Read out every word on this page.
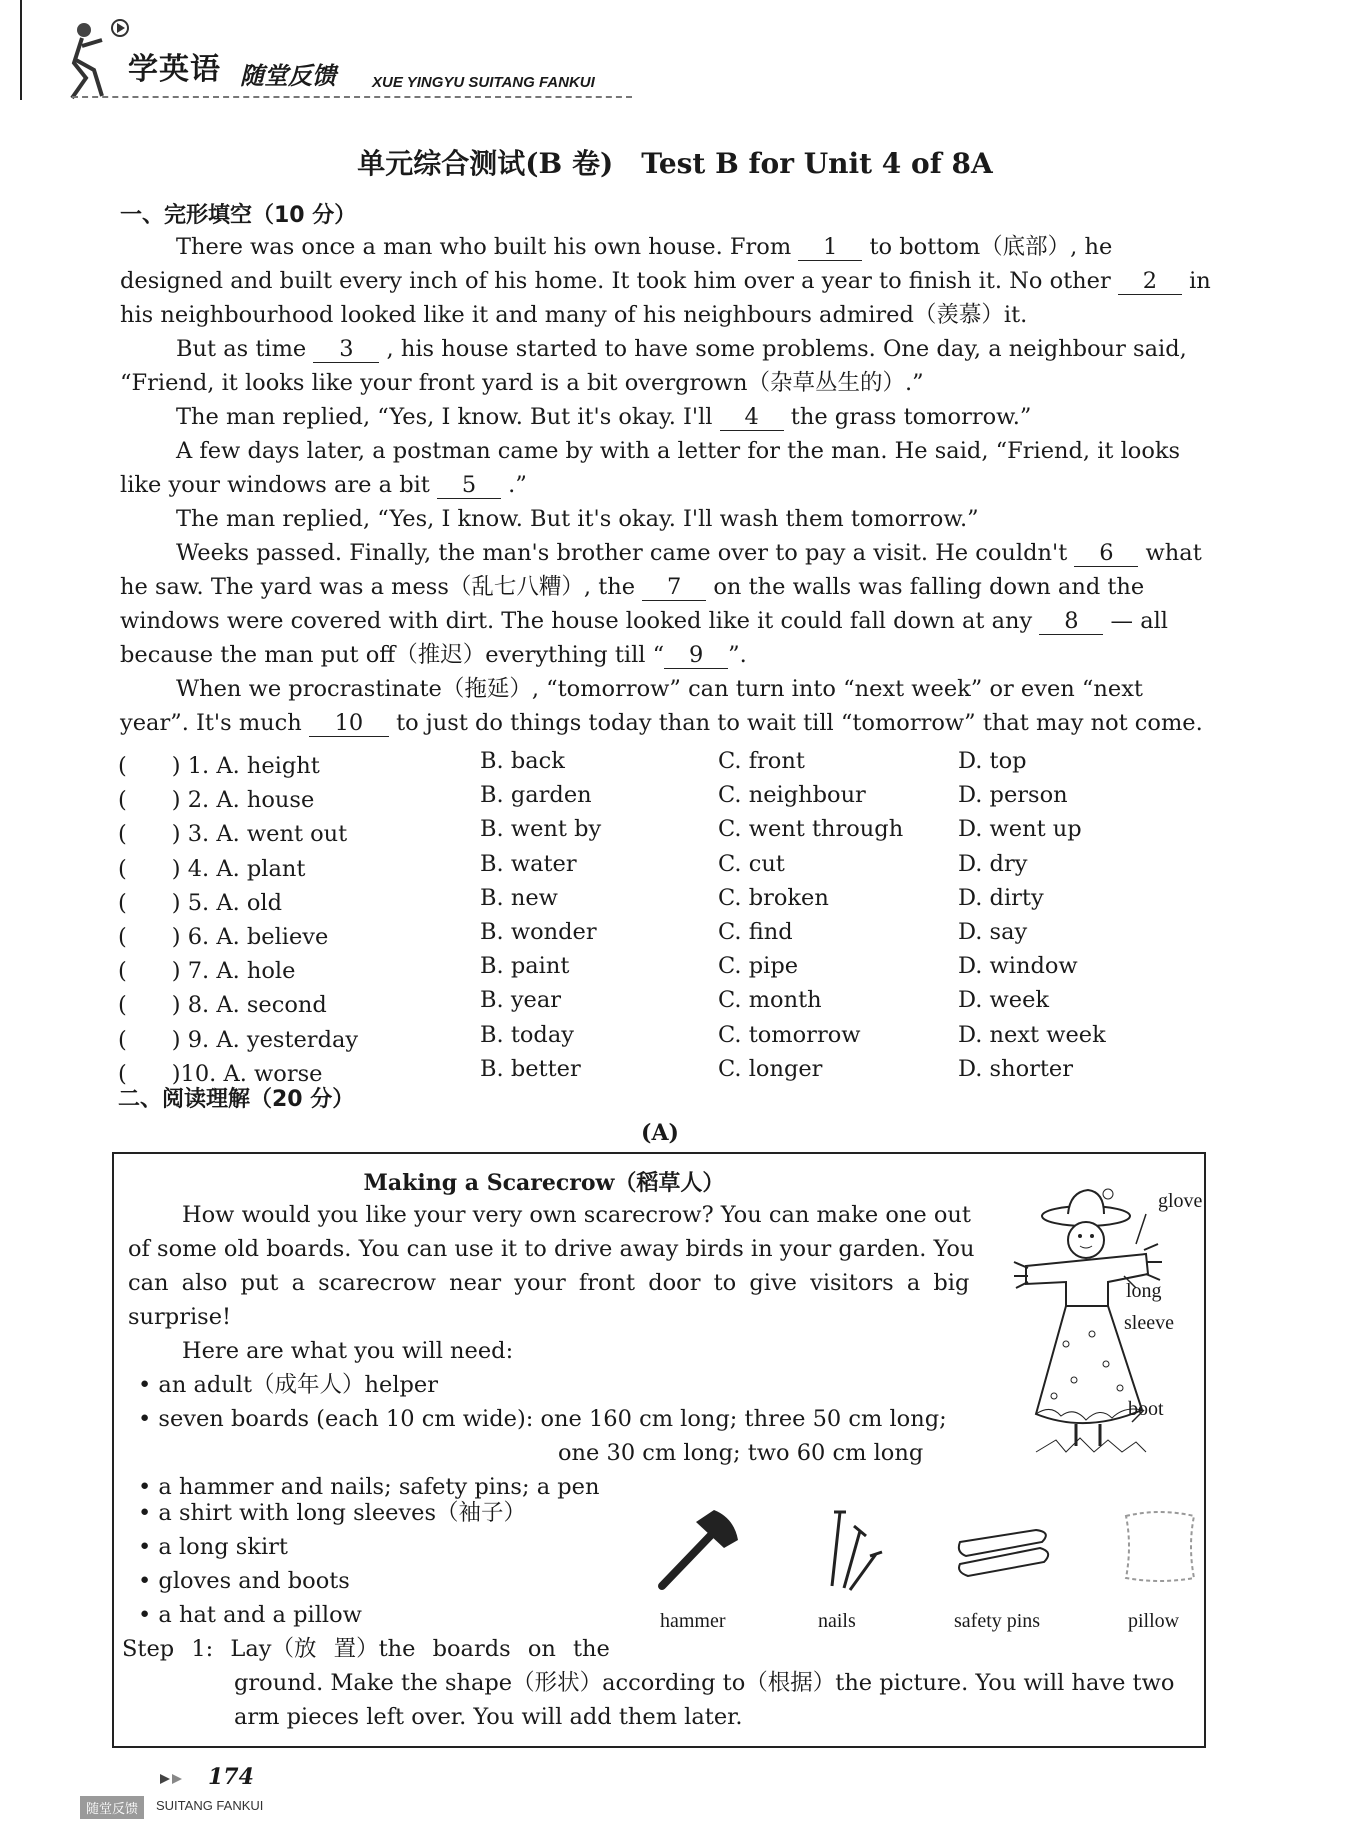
学英语 随堂反馈 XUE YINGYU SUITANG FANKUI
单元综合测试(B 卷)　Test B for Unit 4 of 8A
一、完形填空（10 分）
There was once a man who built his own house. From 1 to bottom（底部）, he
designed and built every inch of his home. It took him over a year to finish it. No other 2 in
his neighbourhood looked like it and many of his neighbours admired（羡慕）it.
But as time 3 , his house started to have some problems. One day, a neighbour said,
“Friend, it looks like your front yard is a bit overgrown（杂草丛生的）.”
The man replied, “Yes, I know. But it's okay. I'll 4 the grass tomorrow.”
A few days later, a postman came by with a letter for the man. He said, “Friend, it looks
like your windows are a bit 5 .”
The man replied, “Yes, I know. But it's okay. I'll wash them tomorrow.”
Weeks passed. Finally, the man's brother came over to pay a visit. He couldn't 6 what
he saw. The yard was a mess（乱七八糟）, the 7 on the walls was falling down and the
windows were covered with dirt. The house looked like it could fall down at any 8 — all
because the man put off（推迟）everything till “ 9 ”.
When we procrastinate（拖延）, “tomorrow” can turn into “next week” or even “next
year”. It's much 10 to just do things today than to wait till “tomorrow” that may not come.
(　　) 1. A. height	B. back	C. front	D. top
(　　) 2. A. house	B. garden	C. neighbour	D. person
(　　) 3. A. went out	B. went by	C. went through D. went up
(　　) 4. A. plant	B. water	C. cut	D. dry
(　　) 5. A. old	B. new	C. broken	D. dirty
(　　) 6. A. believe	B. wonder	C. find	D. say
(　　) 7. A. hole	B. paint	C. pipe	D. window
(　　) 8. A. second	B. year	C. month	D. week
(　　) 9. A. yesterday	B. today	C. tomorrow	D. next week
(　　)10. A. worse	B. better	C. longer	D. shorter
二、阅读理解（20 分）
(A)
Making a Scarecrow（稻草人）
How would you like your very own scarecrow? You can make one out
of some old boards. You can use it to drive away birds in your garden. You
can also put a scarecrow near your front door to give visitors a big
surprise!
Here are what you will need:
• an adult（成年人）helper
• seven boards (each 10 cm wide): one 160 cm long; three 50 cm long;
one 30 cm long; two 60 cm long
• a hammer and nails; safety pins; a pen
• a shirt with long sleeves（袖子）
• a long skirt
• gloves and boots
• a hat and a pillow
Step 1: Lay（放 置）the boards on the
ground. Make the shape（形状）according to（根据）the picture. You will have two
arm pieces left over. You will add them later.
glove
long
sleeve
boot
hammer	nails	safety pins	pillow
174
随堂反馈	SUITANG FANKUI
